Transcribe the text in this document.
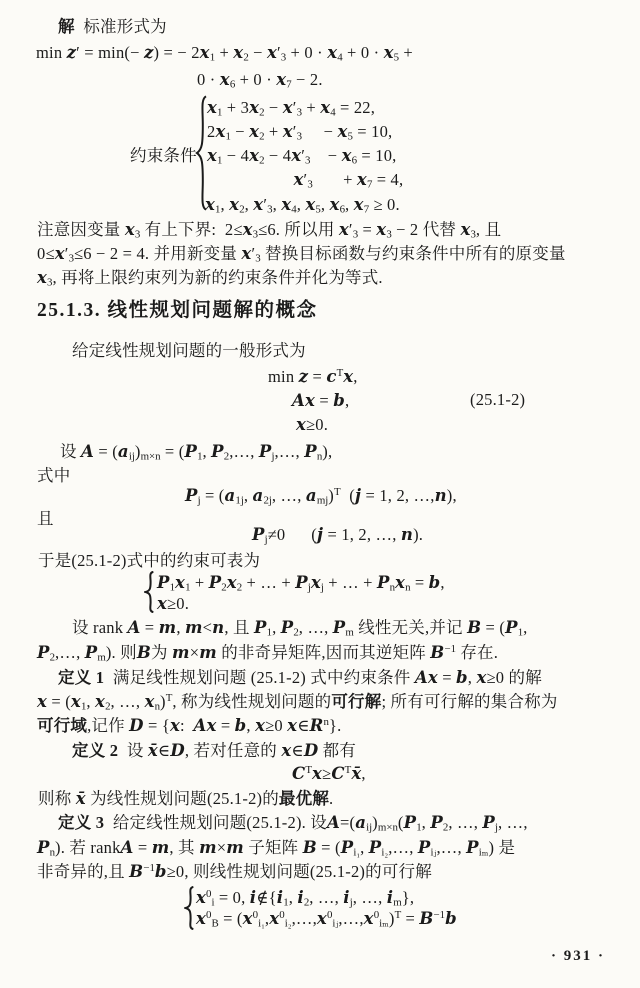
解  标准形式为
min z′ = min(− z) = − $2x_1 + x_2 - x'_3 + 0 \cdot x_4 + 0 \cdot x_5$ +
$0 \cdot x_6 + 0 \cdot x_7 - 2$.
约束条件
$x_1 + 3x_2 - x'_3 + x_4 = 22$,
$2x_1 - x_2 + x'_3$     − $x_5 = 10$,
$x_1 - 4x_2 - 4x'_3$    − $x_6 = 10$,
$x'_3$       + $x_7 = 4$,
$x_1$, $x_2$, $x'_3$, $x_4$, $x_5$, $x_6$, $x_7 \ge 0$.
注意因变量 $x_3$ 有上下界:  $2\le x_3\le 6$. 所以用 $x'_3 = x_3 - 2$ 代替 $x_3$, 且
$0\le x'_3\le 6 - 2 = 4$. 并用新变量 $x'_3$ 替换目标函数与约束条件中所有的原变量
$x_3$, 再将上限约束列为新的约束条件并化为等式.
25.1.3. 线性规划问题解的概念
给定线性规划问题的一般形式为
$\min z = c^Tx$,
Ax = b,	(25.1-2)
x≥0.
设 $A = (a_{ij})_{m\times n} = (P_1$, $P_2,\dots$, $P_j,\dots$, $P_n$),
式中
$P_j = (a_{1j}$, $a_{2j}$, …, $a_{mj})^T$  (j = 1, 2, …,n),
且
$P_j\ne 0$      (j = 1, 2, …, n).
于是(25.1-2)式中的约束可表为
$P_1x_1 + P_2x_2$ + … + $P_jx_j$ + … + $P_nx_n = b$,
x≥0.
设 rank A = m, m<n, 且 $P_1$, $P_2$, …, $P_m$ 线性无关,并记 $B = (P_1$,
$P_2,\dots$, $P_m$). 则B为 m×m 的非奇异矩阵,因而其逆矩阵 $B^{-1}$ 存在.
定义 1  满足线性规划问题 (25.1-2) 式中约束条件 Ax = b, x≥0 的解
$x = (x_1$, $x_2$, …, $x_n)^T$, 称为线性规划问题的可行解; 所有可行解的集合称为
可行域,记作 D = {x:  Ax = b, x≥0 $x\in R^n$}.
定义 2  设 x̄∈D, 若对任意的 x∈D 都有
$C^Tx\ge C^Tx̄$,
则称 x̄ 为线性规划问题(25.1-2)的最优解.
定义 3  给定线性规划问题(25.1-2). 设$A=(a_{ij})_{m\times n}(P_1$, $P_2$, …, $P_j$, …,
$P_n$). 若 rankA = m, 其 m×m 子矩阵 $B = (P_{i_1}$, $P_{i_2},\dots$, $P_{iⱼ},\dots$, $P_{i_m}$) 是
非奇异的,且 $B^{-1}b\ge 0$, 则线性规划问题(25.1-2)的可行解
$x^0_i = 0$, $i\notin\{i_1$, $i_2$, …, $i_j$, …, $i_m$},
$x^0_B$ = $(x^0_{i_1},x^0_{i_2},\dots,x^0_{iⱼ},\dots,x^0_{i_m})^T = B^{-1}b$
· 931 ·
